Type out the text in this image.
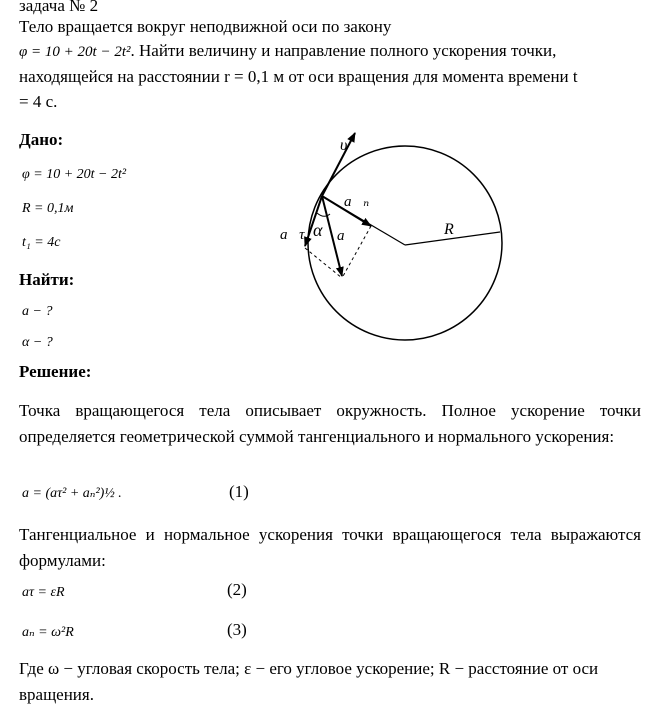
задача № 2
Тело вращается вокруг неподвижной оси по закону
φ = 10 + 20t − 2t². Найти величину и направление полного ускорения точки,
находящейся на расстоянии r = 0,1 м от оси вращения для момента времени t
= 4 с.
Дано:
φ = 10 + 20t − 2t²
R = 0,1м
t₁ = 4с
Найти:
a − ?
α − ?
υ⃗
a⃗ₙ
a⃗τ α a⃗	R
Решение:
Точка вращающегося тела описывает окружность. Полное ускорение точки определяется геометрической суммой тангенциального и нормального ускорения:
a = (aτ² + aₙ²)½ .	(1)
Тангенциальное и нормальное ускорения точки вращающегося тела выражаются формулами:
aτ = εR	(2)
aₙ = ω²R	(3)
Где ω − угловая скорость тела; ε − его угловое ускорение; R − расстояние от оси вращения.
